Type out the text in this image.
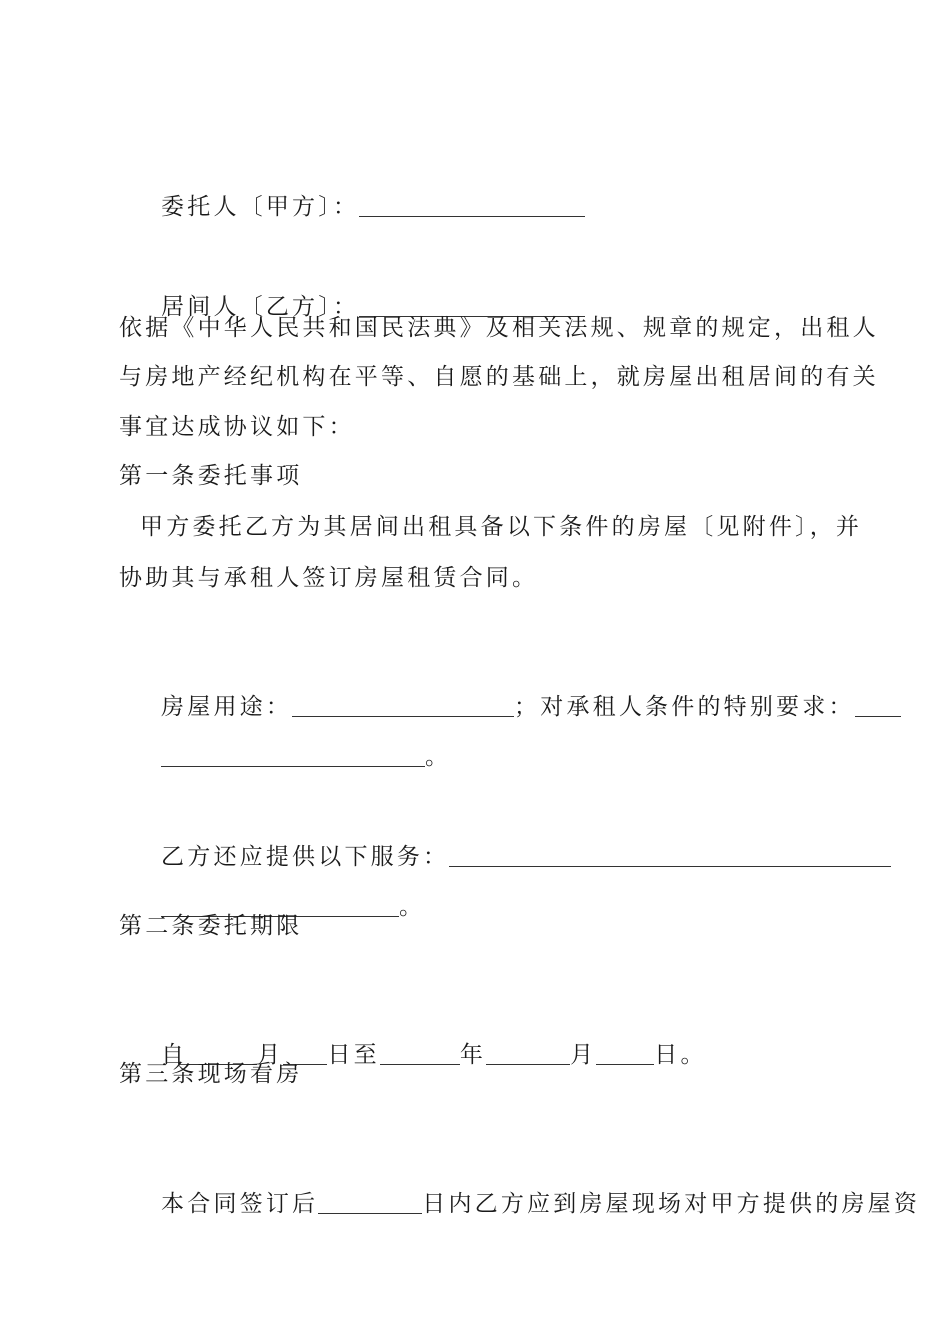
委托人〔甲方〕：

居间人〔乙方〕：

依据《中华人民共和国民法典》及相关法规、规章的规定，出租人
与房地产经纪机构在平等、自愿的基础上，就房屋出租居间的有关
事宜达成协议如下：
第一条委托事项
甲方委托乙方为其居间出租具备以下条件的房屋〔见附件〕，并
协助其与承租人签订房屋租赁合同。

房屋用途：	；对承租人条件的特别要求：

。

乙方还应提供以下服务：

。

第二条委托期限

自	月 日至	年	月	日。

第三条现场看房

本合同签订后	日内乙方应到房屋现场对甲方提供的房屋资
